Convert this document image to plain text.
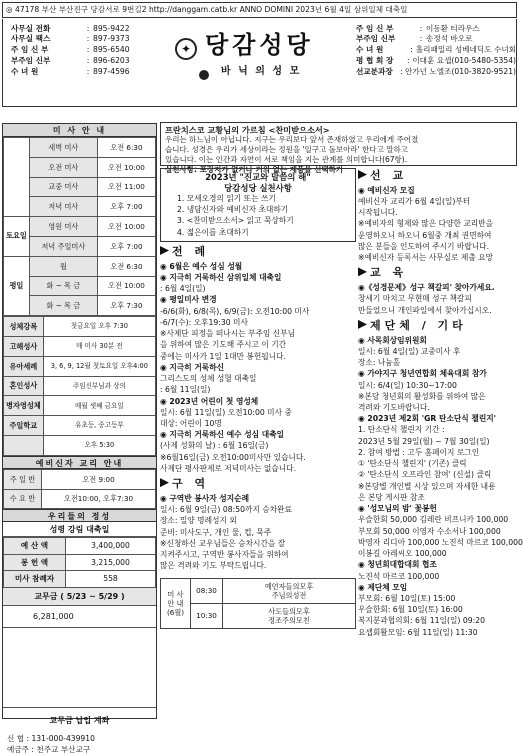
◎ 47178 부산 부산진구 당감서로 9번길2 http://danggam.catb.kr ANNO DOMINI 2023년 6월 4일 삼위일체 대축일
사무실 전화	: 895-9422
사무실 팩스	: 897-9373
주 임 신 부	: 895-6540
부주임 신부	: 896-6203
수 녀 원	: 897-4596
주 임 신 부	: 이동환 티라우스
부주임 신부	: 송정석 바오로
수 녀 원	: 홀리패밀리 성베네딕도 수녀회
평 협 회 장	: 이대훈 요셉(010-5480-5354)
선교분과장 : 안가넌 노엘조(010-3820-9521)
✦ 당감성당
바 닉 의 성 모
미 사 안 내
	새벽 미사	오전 6:30
	오전 미사	오전 10:00
	교중 미사	오전 11:00
	저녁 미사	오후 7:00
토요일	영원 미사	오전 10:00
	저녁 주일미사	오후 7:00
평일	월	오전 6:30
	화 ~ 목 금	오전 10:00
	화 ~ 목 금	오후 7:30
성체강복	첫금요일 오후 7:30
고해성사	매 미사 30분 전
유아세례	3, 6, 9, 12월 첫토요일 오후4:00
혼인성사	주임신부님과 상의
병자영성체	매월 셋째 금요일
주일학교	유초등, 중고등부
	오후 5:30
예비신자 교리 안내
주 일 반	오전 9:00
수 요 반	오전10:00, 오후7:30
우리들의 정성
성령 강림 대축일
예 산 액	3,400,000
봉 헌 액	3,215,000
미사 참례자	558
교무금 ( 5/23 ~ 5/29 )
6,281,000
교무금 납입 계좌
신 협 : 131-000-439910
예금주 : 천주교 부산교구
프란치스코 교황님의 가르침 <찬미받으소서>
우리는 하느님이 아닙니다. 지구는 우리보다 앞서 존재하였고 우리에게 주어졌
습니다. 성경은 우리가 세상이라는 정원을 '일구고 돌보아라' 한다고 말하고
있습니다. 이는 인간과 자연이 서로 책임을 지는 관계를 의미합니다(67항).
실천사항: 포장지가 없거나 거의 없는 제품을 선택하기
2023년 "진교와 말씀의 해"
당감성당 실천사항
1. 모세오경의 읽기 또는 쓰기
2. 냉담신자와 예비신자 초대하기
3. <찬미받으소서> 읽고 묵상하기
4. 젊은이를 초대하기
전 례
◉ 6월은 예수 성심 성월
◉ 지극히 거룩하신 삼위일체 대축일
: 6월 4일(일)
◉ 평일미사 변경
-6/6(화), 6/8(목), 6/9(금): 오전10:00 미사
-6/7(수): 오후19:30 미사
※사제단 피정을 떠나시는 부주임 신부님
을 위하여 많은 기도해 주시고 이 기간
중에는 미사가 1일 1대만 봉헌됩니다.
◉ 지극히 거룩하신
그리스도의 성체 성혈 대축일
: 6월 11일(일)
◉ 2023년 어린이 첫 영성체
일시: 6월 11일(일) 오전10:00 미사 중
대상: 어린이 10명
◉ 지극히 거룩하신 예수 성심 대축일
(사제 성화의 날) : 6월 16일(금)
※6월16일(금) 오전10:00미사만 있습니다.
사제단 평사판제로 저녁미사는 없습니다.
구 역
◉ 구역반 봉사자 성지순례
일시: 6월 9일(금) 08:50까지 승차완료
장소: 밀양 명례성지 외
준비: 미사도구, 개인 물, 컵, 묵주
※신청하신 교우님들은 승차시간을 잘
지켜주시고, 구역반 봉사자들을 위하여
많은 격려와 기도 부탁드립니다.
미 사
안 내
(6월)	08:30	예언자들의모후
주님의성전
	10:30	사도들의모후
정조주의모친
선 교
◉ 예비신자 모집
예비신자 교리가 6월 4일(일)부터
시작됩니다.
※예비자의 형제와 많은 다양한 교리반을
운영하오니 하오니 6월중 개최 권면하여
많은 분들을 인도하여 주시기 바랍니다.
※예비신자 등록서는 사무실로 제출 요망
교 육
◉《성경문제》성구 책갈피' 찾아가세요.
창세기 마치고 무현매 성구 책갈피
만들었으니 개인파일에서 찾아가십시오.
제단체 / 기타
◉ 사목회상임위원회
일시: 6월 4일(일) 교중미사 후
장소: 나눔홀
◉ 가야지구 청년연합회 체육대회 참가
일시: 6/4(일) 10:30~17:00
※본당 청년회의 활성화를 위하여 많은
격려와 기도바랍니다.
◉ 2023년 제2회 'GR 탄소단식 챌린지'
1. 탄소단식 챌린지 기간 :
2023년 5월 29일(월) ~ 7월 30일(일)
2. 참여 방법 : 고두 홈페이지 로그인
① '탄소단식 챌린지' (기존) 클릭
② '탄소단식 오프라인 참여' (신설) 클릭
※본당별 개인별 시상 있으며 자세한 내용
은 본당 게시판 참조
◉ '성모님의 밤' 꽃봉헌
우슬한회 50,000 김레란 비프니카 100,000
부모회 50,000 이영자 수소서나 100,000
박영자 리디아 100,000 노진석 마르코 100,000
이봉길 아레씨오 100,000
◉ 청년회대합대회 협조
노진석 마르코 100,000
◉ 제단체 모임
부모회: 6월 10일(토) 15:00
우슬한회: 6월 10일(토) 16:00
복지분과협의회: 6월 11일(일) 09:20
요셉회활모임: 6월 11일(일) 11:30
